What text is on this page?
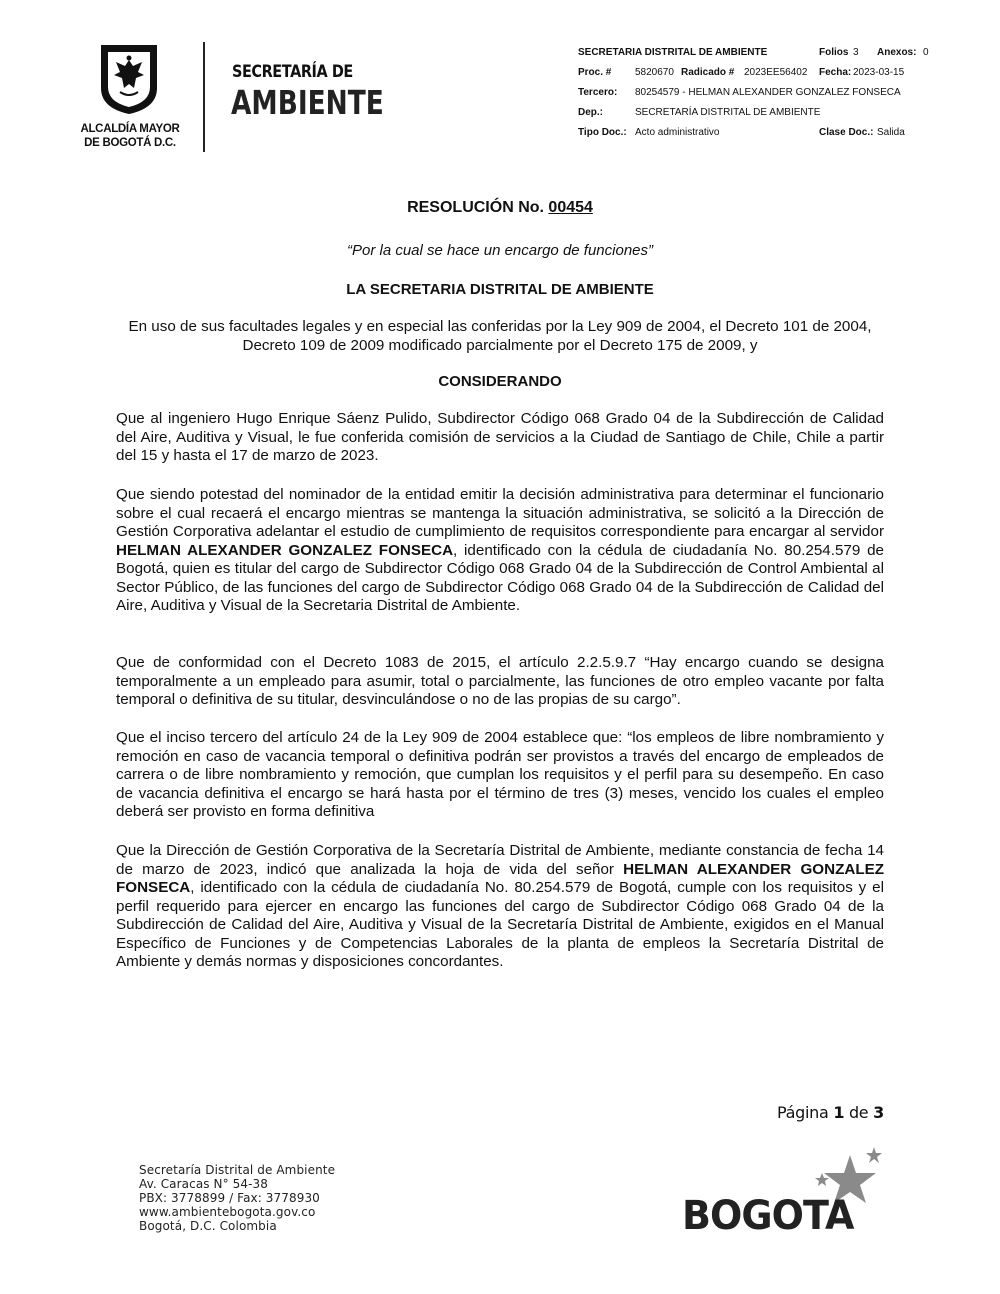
ALCALDÍA MAYOR
DE BOGOTÁ D.C.
SECRETARÍA DE
AMBIENTE
SECRETARIA DISTRITAL DE AMBIENTE	Folios 3 Anexos: 0
Proc. # 5820670 Radicado # 2023EE56402 Fecha: 2023-03-15
Tercero: 80254579 - HELMAN ALEXANDER GONZALEZ FONSECA
Dep.:	SECRETARÍA DISTRITAL DE AMBIENTE
Tipo Doc.: Acto administrativo	Clase Doc.: Salida
RESOLUCIÓN No. 00454
“Por la cual se hace un encargo de funciones”
LA SECRETARIA DISTRITAL DE AMBIENTE
En uso de sus facultades legales y en especial las conferidas por la Ley 909 de 2004, el Decreto 101 de 2004, Decreto 109 de 2009 modificado parcialmente por el Decreto 175 de 2009, y
CONSIDERANDO
Que al ingeniero Hugo Enrique Sáenz Pulido, Subdirector Código 068 Grado 04 de la Subdirección de Calidad del Aire, Auditiva y Visual, le fue conferida comisión de servicios a la Ciudad de Santiago de Chile, Chile a partir del 15 y hasta el 17 de marzo de 2023.
Que siendo potestad del nominador de la entidad emitir la decisión administrativa para determinar el funcionario sobre el cual recaerá el encargo mientras se mantenga la situación administrativa, se solicitó a la Dirección de Gestión Corporativa adelantar el estudio de cumplimiento de requisitos correspondiente para encargar al servidor HELMAN ALEXANDER GONZALEZ FONSECA, identificado con la cédula de ciudadanía No. 80.254.579 de Bogotá, quien es titular del cargo de Subdirector Código 068 Grado 04 de la Subdirección de Control Ambiental al Sector Público, de las funciones del cargo de Subdirector Código 068 Grado 04 de la Subdirección de Calidad del Aire, Auditiva y Visual de la Secretaria Distrital de Ambiente.
Que de conformidad con el Decreto 1083 de 2015, el artículo 2.2.5.9.7 “Hay encargo cuando se designa temporalmente a un empleado para asumir, total o parcialmente, las funciones de otro empleo vacante por falta temporal o definitiva de su titular, desvinculándose o no de las propias de su cargo”.
Que el inciso tercero del artículo 24 de la Ley 909 de 2004 establece que: “los empleos de libre nombramiento y remoción en caso de vacancia temporal o definitiva podrán ser provistos a través del encargo de empleados de carrera o de libre nombramiento y remoción, que cumplan los requisitos y el perfil para su desempeño. En caso de vacancia definitiva el encargo se hará hasta por el término de tres (3) meses, vencido los cuales el empleo deberá ser provisto en forma definitiva
Que la Dirección de Gestión Corporativa de la Secretaría Distrital de Ambiente, mediante constancia de fecha 14 de marzo de 2023, indicó que analizada la hoja de vida del señor HELMAN ALEXANDER GONZALEZ FONSECA, identificado con la cédula de ciudadanía No. 80.254.579 de Bogotá, cumple con los requisitos y el perfil requerido para ejercer en encargo las funciones del cargo de Subdirector Código 068 Grado 04 de la Subdirección de Calidad del Aire, Auditiva y Visual de la Secretaría Distrital de Ambiente, exigidos en el Manual Específico de Funciones y de Competencias Laborales de la planta de empleos la Secretaría Distrital de Ambiente y demás normas y disposiciones concordantes.
Página 1 de 3
Secretaría Distrital de Ambiente
Av. Caracas N° 54-38
PBX: 3778899 / Fax: 3778930
www.ambientebogota.gov.co
Bogotá, D.C. Colombia	BOGOTA
